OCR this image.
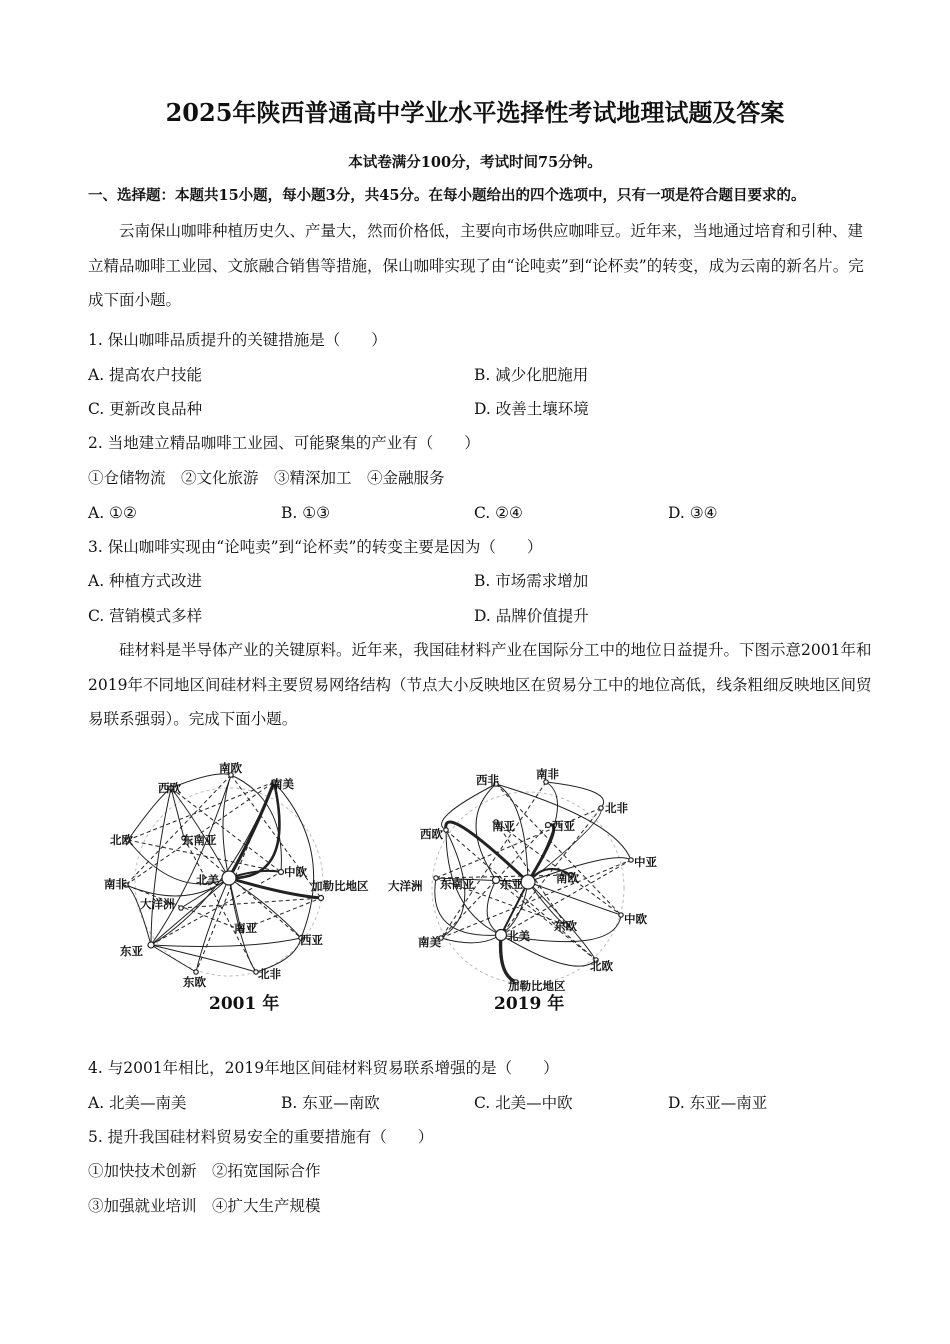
2025年陕西普通高中学业水平选择性考试地理试题及答案
本试卷满分100分，考试时间75分钟。
一、选择题：本题共15小题，每小题3分，共45分。在每小题给出的四个选项中，只有一项是符合题目要求的。
云南保山咖啡种植历史久、产量大，然而价格低，主要向市场供应咖啡豆。近年来，当地通过培育和引种、建立精品咖啡工业园、文旅融合销售等措施，保山咖啡实现了由“论吨卖”到“论杯卖”的转变，成为云南的新名片。完成下面小题。
1. 保山咖啡品质提升的关键措施是（　　）
A. 提高农户技能	B. 减少化肥施用
C. 更新改良品种	D. 改善土壤环境
2. 当地建立精品咖啡工业园、可能聚集的产业有（　　）
①仓储物流　②文化旅游　③精深加工　④金融服务
A. ①②	B. ①③	C. ②④	D. ③④
3. 保山咖啡实现由“论吨卖”到“论杯卖”的转变主要是因为（　　）
A. 种植方式改进	B. 市场需求增加
C. 营销模式多样	D. 品牌价值提升
硅材料是半导体产业的关键原料。近年来，我国硅材料产业在国际分工中的地位日益提升。下图示意2001年和2019年不同地区间硅材料主要贸易网络结构（节点大小反映地区在贸易分工中的地位高低，线条粗细反映地区间贸易联系强弱）。完成下面小题。
南欧
南美
西欧
北欧	东南亚
南非
中欧
北美	加勒比地区
大洋洲
南亚
西亚
东亚
北非
东欧
2001 年
西非	南非
北非
南亚	西亚
西欧
中亚
大洋洲 东南亚 东亚	南欧
中欧
东欧
南美	北美
北欧
加勒比地区
2019 年
4. 与2001年相比，2019年地区间硅材料贸易联系增强的是（　　）
A. 北美—南美	B. 东亚—南欧	C. 北美—中欧	D. 东亚—南亚
5. 提升我国硅材料贸易安全的重要措施有（　　）
①加快技术创新　②拓宽国际合作
③加强就业培训　④扩大生产规模
